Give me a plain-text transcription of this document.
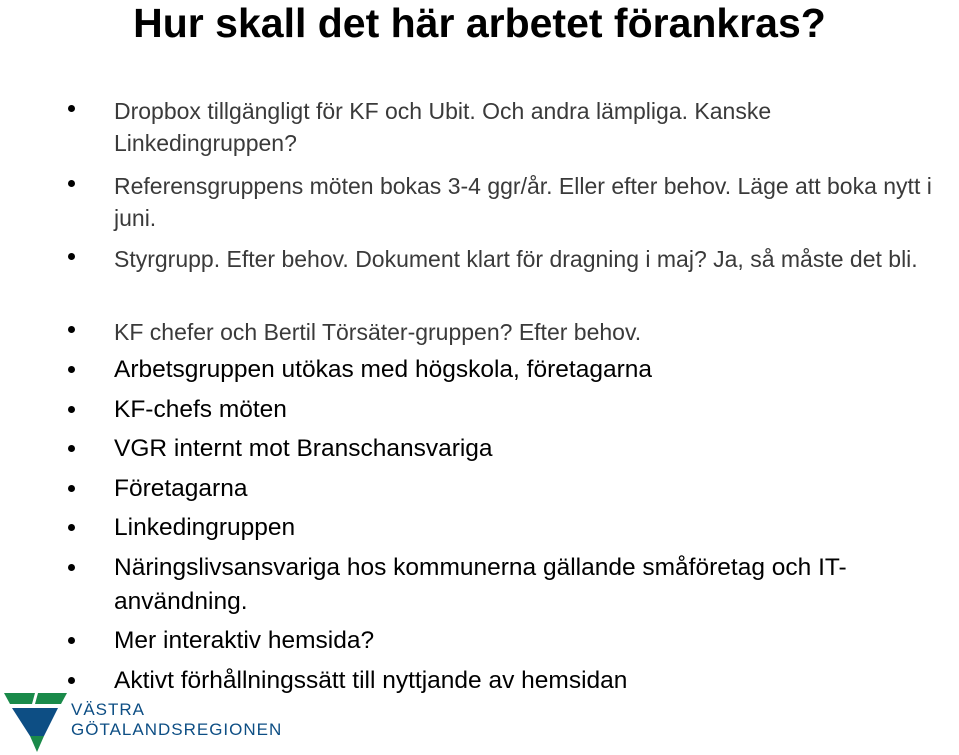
Hur skall det här arbetet förankras?
Dropbox tillgängligt för KF och Ubit. Och andra lämpliga. Kanske Linkedingruppen?
Referensgruppens möten bokas 3-4 ggr/år. Eller efter behov. Läge att boka nytt i juni.
Styrgrupp. Efter behov. Dokument klart för dragning i maj? Ja, så måste det bli.
KF chefer och Bertil Törsäter-gruppen? Efter behov.
Arbetsgruppen utökas med högskola, företagarna
KF-chefs möten
VGR internt mot Branschansvariga
Företagarna
Linkedingruppen
Näringslivsansvariga hos kommunerna gällande småföretag och IT-användning.
Mer interaktiv hemsida?
Aktivt förhållningssätt till nyttjande av hemsidan
VÄSTRA
GÖTALANDSREGIONEN
